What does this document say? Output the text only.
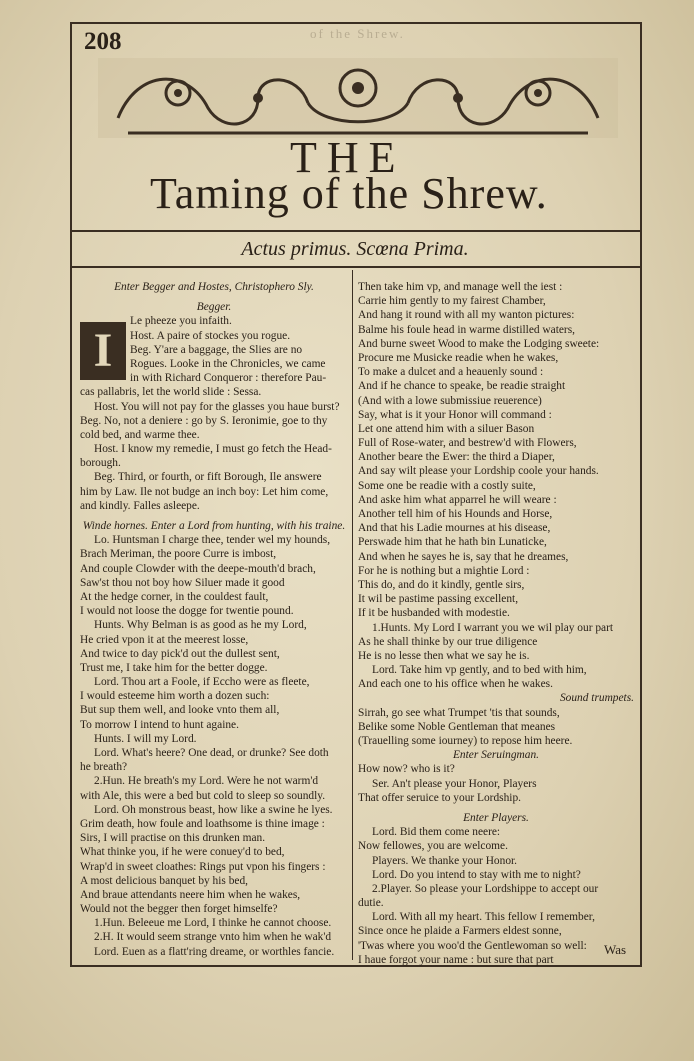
208	of the Shrew.
THE
Taming of the Shrew.
Actus primus. Scœna Prima.
I
Enter Begger and Hostes, Christophero Sly.
Begger.
Le pheeze you infaith.
Host. A paire of stockes you rogue.
Beg. Y'are a baggage, the Slies are no
Rogues. Looke in the Chronicles, we came
in with Richard Conqueror : therefore Pau-
cas pallabris, let the world slide : Sessa.
Host. You will not pay for the glasses you haue burst?
Beg. No, not a deniere : go by S. Ieronimie, goe to thy
cold bed, and warme thee.
Host. I know my remedie, I must go fetch the Head-
borough.
Beg. Third, or fourth, or fift Borough, Ile answere
him by Law. Ile not budge an inch boy: Let him come,
and kindly. Falles asleepe.
Winde hornes. Enter a Lord from hunting, with his traine.
Lo. Huntsman I charge thee, tender wel my hounds,
Brach Meriman, the poore Curre is imbost,
And couple Clowder with the deepe-mouth'd brach,
Saw'st thou not boy how Siluer made it good
At the hedge corner, in the couldest fault,
I would not loose the dogge for twentie pound.
Hunts. Why Belman is as good as he my Lord,
He cried vpon it at the meerest losse,
And twice to day pick'd out the dullest sent,
Trust me, I take him for the better dogge.
Lord. Thou art a Foole, if Eccho were as fleete,
I would esteeme him worth a dozen such:
But sup them well, and looke vnto them all,
To morrow I intend to hunt againe.
Hunts. I will my Lord.
Lord. What's heere? One dead, or drunke? See doth
he breath?
2.Hun. He breath's my Lord. Were he not warm'd
with Ale, this were a bed but cold to sleep so soundly.
Lord. Oh monstrous beast, how like a swine he lyes.
Grim death, how foule and loathsome is thine image :
Sirs, I will practise on this drunken man.
What thinke you, if he were conuey'd to bed,
Wrap'd in sweet cloathes: Rings put vpon his fingers :
A most delicious banquet by his bed,
And braue attendants neere him when he wakes,
Would not the begger then forget himselfe?
1.Hun. Beleeue me Lord, I thinke he cannot choose.
2.H. It would seem strange vnto him when he wak'd
Lord. Euen as a flatt'ring dreame, or worthles fancie.
Then take him vp, and manage well the iest :
Carrie him gently to my fairest Chamber,
And hang it round with all my wanton pictures:
Balme his foule head in warme distilled waters,
And burne sweet Wood to make the Lodging sweete:
Procure me Musicke readie when he wakes,
To make a dulcet and a heauenly sound :
And if he chance to speake, be readie straight
(And with a lowe submissiue reuerence)
Say, what is it your Honor will command :
Let one attend him with a siluer Bason
Full of Rose-water, and bestrew'd with Flowers,
Another beare the Ewer: the third a Diaper,
And say wilt please your Lordship coole your hands.
Some one be readie with a costly suite,
And aske him what apparrel he will weare :
Another tell him of his Hounds and Horse,
And that his Ladie mournes at his disease,
Perswade him that he hath bin Lunaticke,
And when he sayes he is, say that he dreames,
For he is nothing but a mightie Lord :
This do, and do it kindly, gentle sirs,
It wil be pastime passing excellent,
If it be husbanded with modestie.
1.Hunts. My Lord I warrant you we wil play our part
As he shall thinke by our true diligence
He is no lesse then what we say he is.
Lord. Take him vp gently, and to bed with him,
And each one to his office when he wakes.
Sound trumpets.
Sirrah, go see what Trumpet 'tis that sounds,
Belike some Noble Gentleman that meanes
(Trauelling some iourney) to repose him heere.
Enter Seruingman.
How now? who is it?
Ser. An't please your Honor, Players
That offer seruice to your Lordship.
Enter Players.
Lord. Bid them come neere:
Now fellowes, you are welcome.
Players. We thanke your Honor.
Lord. Do you intend to stay with me to night?
2.Player. So please your Lordshippe to accept our
dutie.
Lord. With all my heart. This fellow I remember,
Since once he plaide a Farmers eldest sonne,
'Twas where you woo'd the Gentlewoman so well:
I haue forgot your name : but sure that part
Was
